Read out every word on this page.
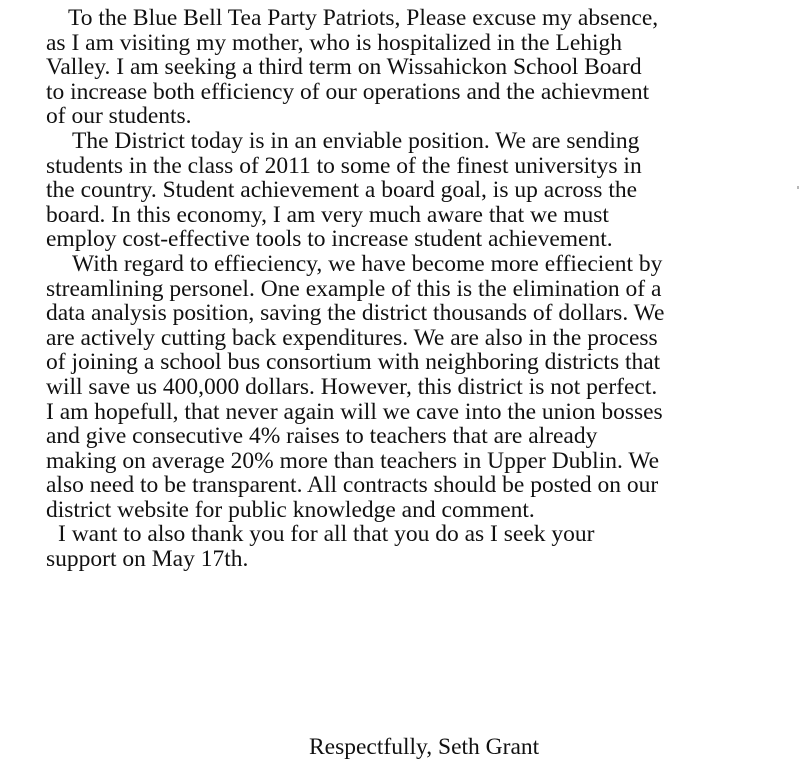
To the Blue Bell Tea Party Patriots, Please excuse my absence,
as I am visiting my mother, who is hospitalized in the Lehigh
Valley. I am seeking a third term on Wissahickon School Board
to increase both efficiency of our operations and the achievment
of our students.
The District today is in an enviable position. We are sending
students in the class of 2011 to some of the finest universitys in
the country. Student achievement a board goal, is up across the
board. In this economy, I am very much aware that we must
employ cost-effective tools to increase student achievement.
With regard to effieciency, we have become more effiecient by
streamlining personel. One example of this is the elimination of a
data analysis position, saving the district thousands of dollars. We
are actively cutting back expenditures. We are also in the process
of joining a school bus consortium with neighboring districts that
will save us 400,000 dollars. However, this district is not perfect.
I am hopefull, that never again will we cave into the union bosses
and give consecutive 4% raises to teachers that are already
making on average 20% more than teachers in Upper Dublin. We
also need to be transparent. All contracts should be posted on our
district website for public knowledge and comment.
I want to also thank you for all that you do as I seek your
support on May 17th.
Respectfully, Seth Grant
